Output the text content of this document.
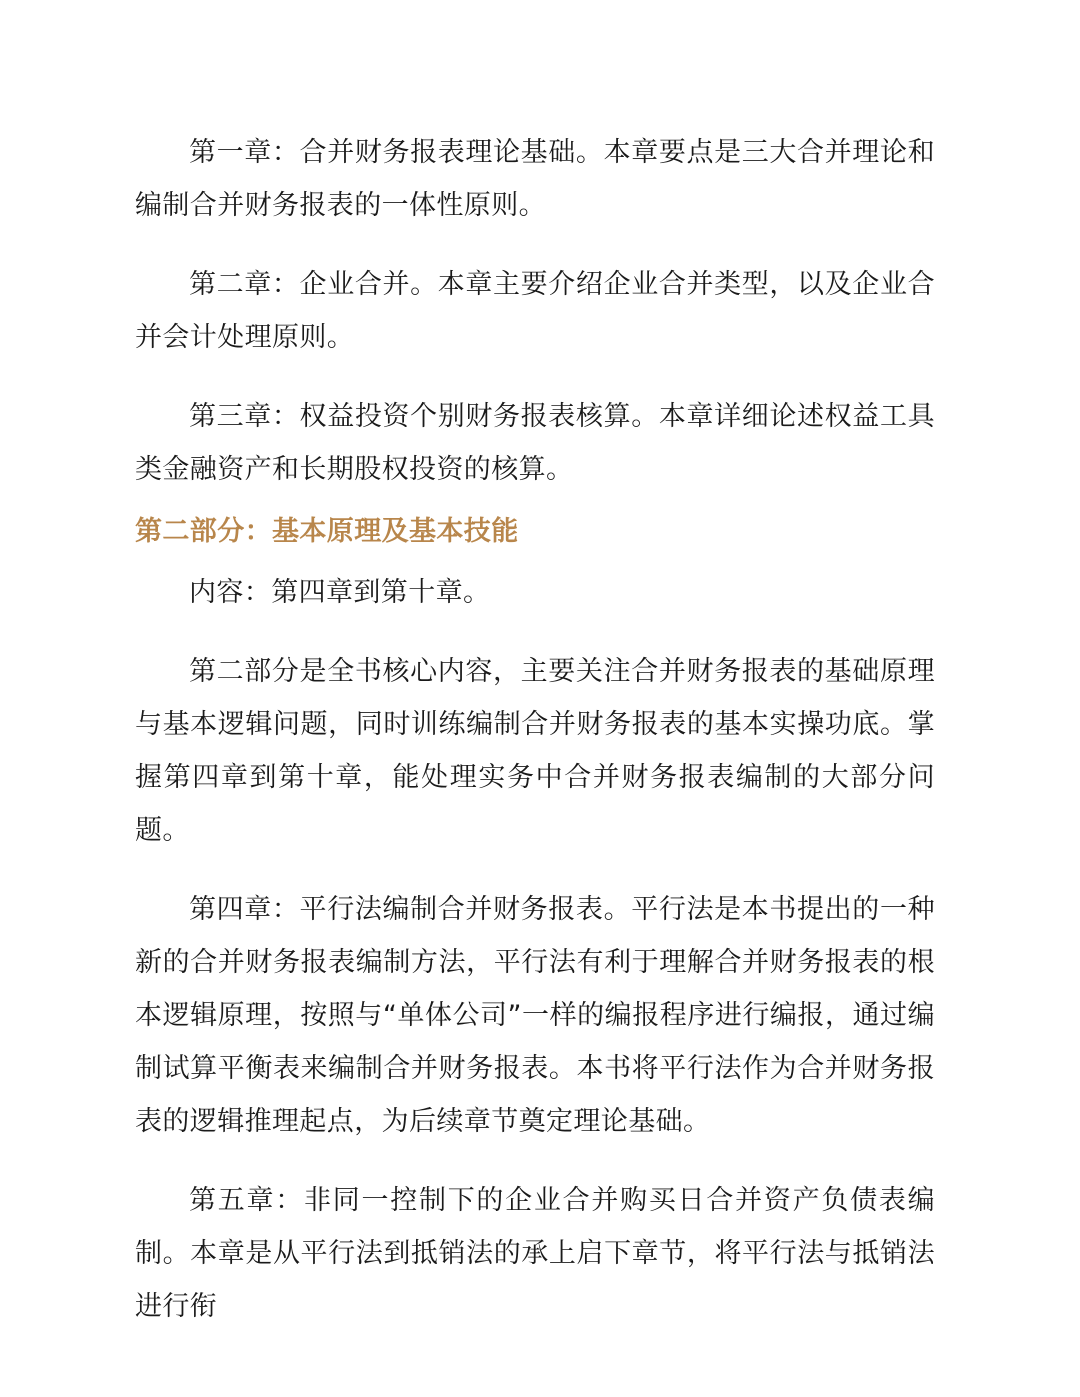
第一章：合并财务报表理论基础。本章要点是三大合并理论和编制合并财务报表的一体性原则。

第二章：企业合并。本章主要介绍企业合并类型，以及企业合并会计处理原则。

第三章：权益投资个别财务报表核算。本章详细论述权益工具类金融资产和长期股权投资的核算。

第二部分：基本原理及基本技能

内容：第四章到第十章。

第二部分是全书核心内容，主要关注合并财务报表的基础原理与基本逻辑问题，同时训练编制合并财务报表的基本实操功底。掌握第四章到第十章，能处理实务中合并财务报表编制的大部分问题。

第四章：平行法编制合并财务报表。平行法是本书提出的一种新的合并财务报表编制方法，平行法有利于理解合并财务报表的根本逻辑原理，按照与“单体公司”一样的编报程序进行编报，通过编制试算平衡表来编制合并财务报表。本书将平行法作为合并财务报表的逻辑推理起点，为后续章节奠定理论基础。

第五章：非同一控制下的企业合并购买日合并资产负债表编制。本章是从平行法到抵销法的承上启下章节，将平行法与抵销法进行衔
